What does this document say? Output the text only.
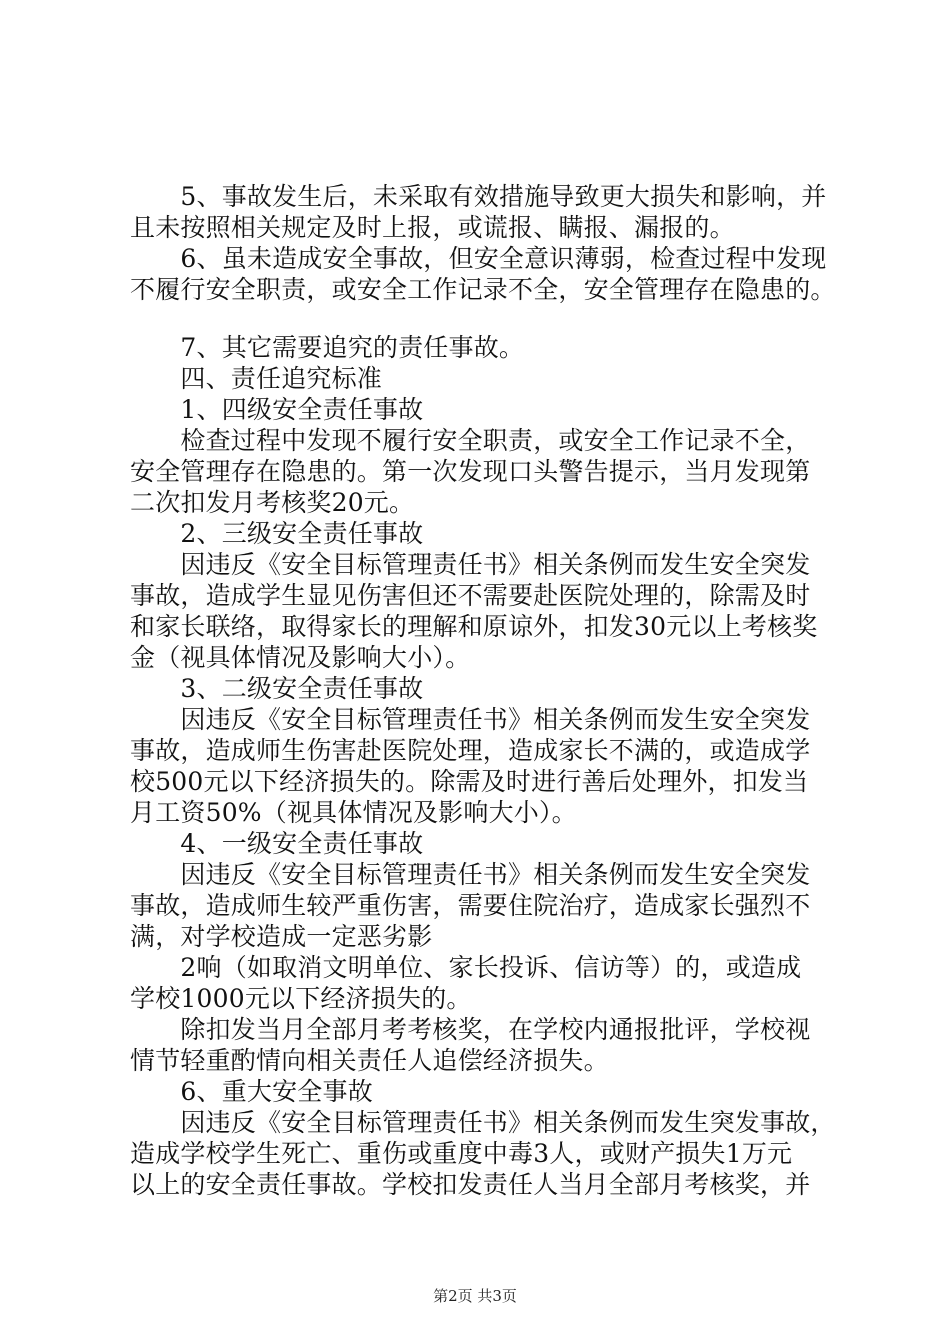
　　5、事故发生后，未采取有效措施导致更大损失和影响，并
且未按照相关规定及时上报，或谎报、瞒报、漏报的。
　　6、虽未造成安全事故，但安全意识薄弱，检查过程中发现
不履行安全职责，或安全工作记录不全，安全管理存在隐患的。
　　7、其它需要追究的责任事故。
　　四、责任追究标准
　　1、四级安全责任事故
　　检查过程中发现不履行安全职责，或安全工作记录不全，
安全管理存在隐患的。第一次发现口头警告提示，当月发现第
二次扣发月考核奖20元。
　　2、三级安全责任事故
　　因违反《安全目标管理责任书》相关条例而发生安全突发
事故，造成学生显见伤害但还不需要赴医院处理的，除需及时
和家长联络，取得家长的理解和原谅外，扣发30元以上考核奖
金（视具体情况及影响大小）。
　　3、二级安全责任事故
　　因违反《安全目标管理责任书》相关条例而发生安全突发
事故，造成师生伤害赴医院处理，造成家长不满的，或造成学
校500元以下经济损失的。除需及时进行善后处理外，扣发当
月工资50%（视具体情况及影响大小）。
　　4、一级安全责任事故
　　因违反《安全目标管理责任书》相关条例而发生安全突发
事故，造成师生较严重伤害，需要住院治疗，造成家长强烈不
满，对学校造成一定恶劣影
　　2响（如取消文明单位、家长投诉、信访等）的，或造成
学校1000元以下经济损失的。
　　除扣发当月全部月考考核奖，在学校内通报批评，学校视
情节轻重酌情向相关责任人追偿经济损失。
　　6、重大安全事故
　　因违反《安全目标管理责任书》相关条例而发生突发事故，
造成学校学生死亡、重伤或重度中毒3人，或财产损失1万元
以上的安全责任事故。学校扣发责任人当月全部月考核奖，并
第2页 共3页
